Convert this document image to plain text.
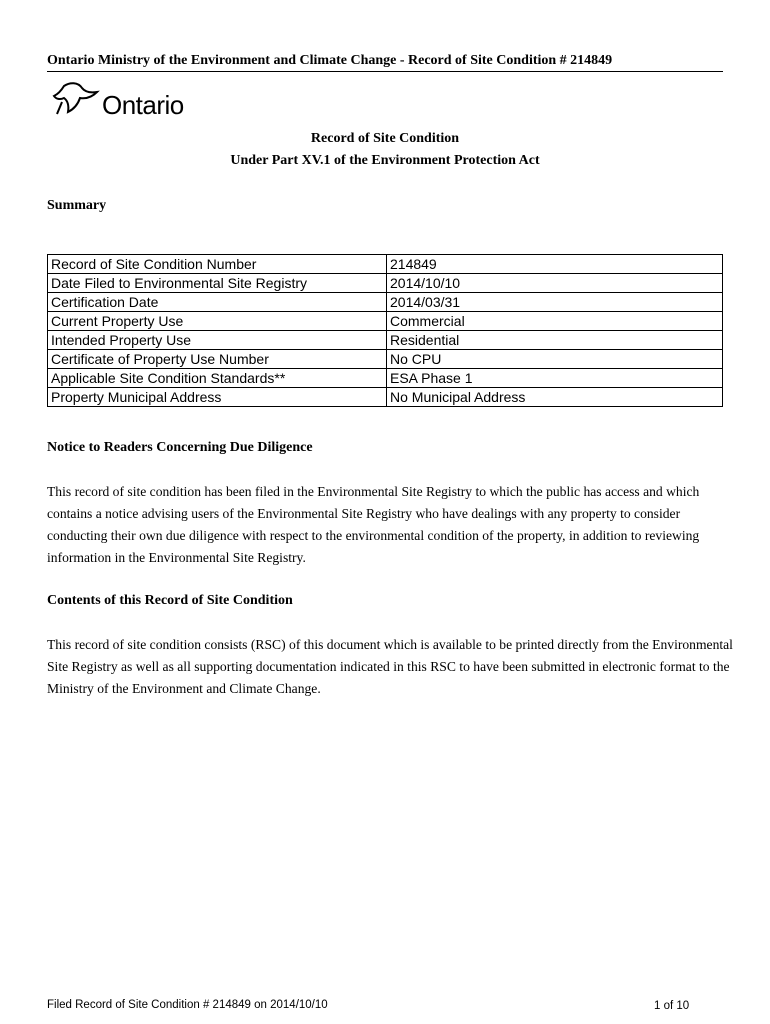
Ontario Ministry of the Environment and Climate Change - Record of Site Condition # 214849
Ontario
Record of Site Condition
Under Part XV.1 of the Environment Protection Act
Summary
Record of Site Condition Number	214849
Date Filed to Environmental Site Registry	2014/10/10
Certification Date	2014/03/31
Current Property Use	Commercial
Intended Property Use	Residential
Certificate of Property Use Number	No CPU
Applicable Site Condition Standards**	ESA Phase 1
Property Municipal Address	No Municipal Address
Notice to Readers Concerning Due Diligence
This record of site condition has been filed in the Environmental Site Registry to which the public has access and which contains a notice advising users of the Environmental Site Registry who have dealings with any property to consider conducting their own due diligence with respect to the environmental condition of the property, in addition to reviewing information in the Environmental Site Registry.
Contents of this Record of Site Condition
This record of site condition consists (RSC) of this document which is available to be printed directly from the Environmental Site Registry as well as all supporting documentation indicated in this RSC to have been submitted in electronic format to the Ministry of the Environment and Climate Change.
Filed Record of Site Condition # 214849 on 2014/10/10	1 of 10
